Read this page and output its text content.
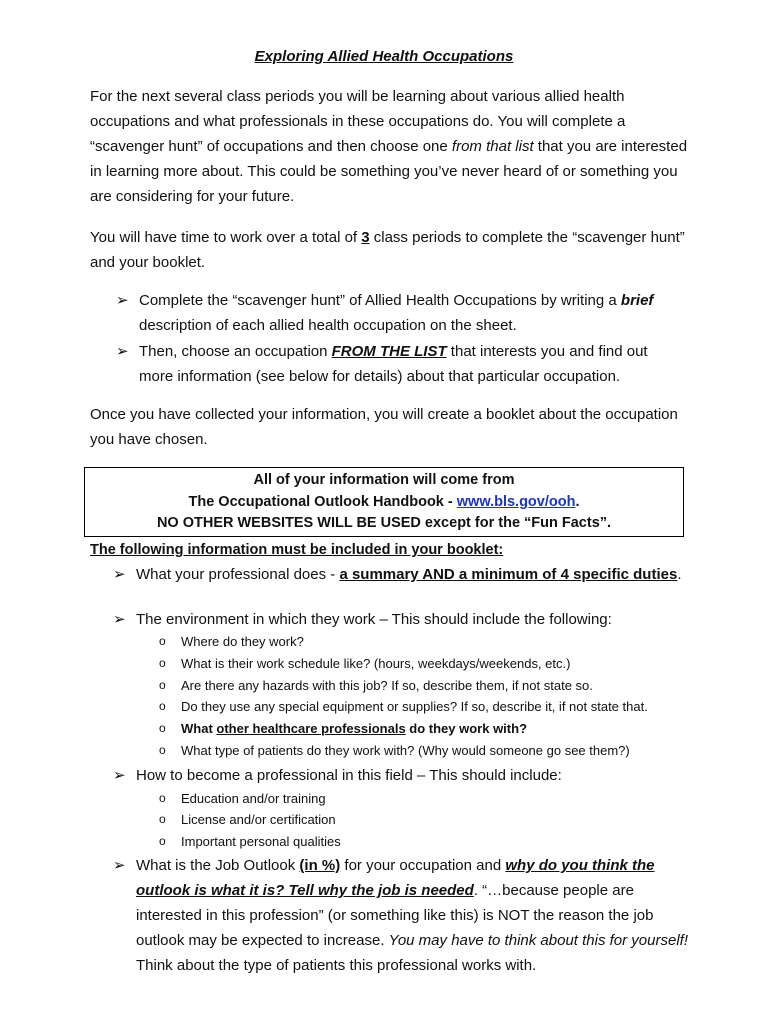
Exploring Allied Health Occupations
For the next several class periods you will be learning about various allied health occupations and what professionals in these occupations do. You will complete a “scavenger hunt” of occupations and then choose one from that list that you are interested in learning more about. This could be something you’ve never heard of or something you are considering for your future.
You will have time to work over a total of 3 class periods to complete the “scavenger hunt” and your booklet.
➢ Complete the “scavenger hunt” of Allied Health Occupations by writing a brief description of each allied health occupation on the sheet.
➢ Then, choose an occupation FROM THE LIST that interests you and find out more information (see below for details) about that particular occupation.
Once you have collected your information, you will create a booklet about the occupation you have chosen.
All of your information will come from
The Occupational Outlook Handbook - www.bls.gov/ooh.
NO OTHER WEBSITES WILL BE USED except for the “Fun Facts”.
The following information must be included in your booklet:
➢ What your professional does - a summary AND a minimum of 4 specific duties.
➢ The environment in which they work – This should include the following:
o Where do they work?
o What is their work schedule like? (hours, weekdays/weekends, etc.)
o Are there any hazards with this job? If so, describe them, if not state so.
o Do they use any special equipment or supplies? If so, describe it, if not state that.
o What other healthcare professionals do they work with?
o What type of patients do they work with? (Why would someone go see them?)
➢ How to become a professional in this field – This should include:
o Education and/or training
o License and/or certification
o Important personal qualities
➢ What is the Job Outlook (in %) for your occupation and why do you think the outlook is what it is? Tell why the job is needed. “…because people are interested in this profession” (or something like this) is NOT the reason the job outlook may be expected to increase. You may have to think about this for yourself! Think about the type of patients this professional works with.
